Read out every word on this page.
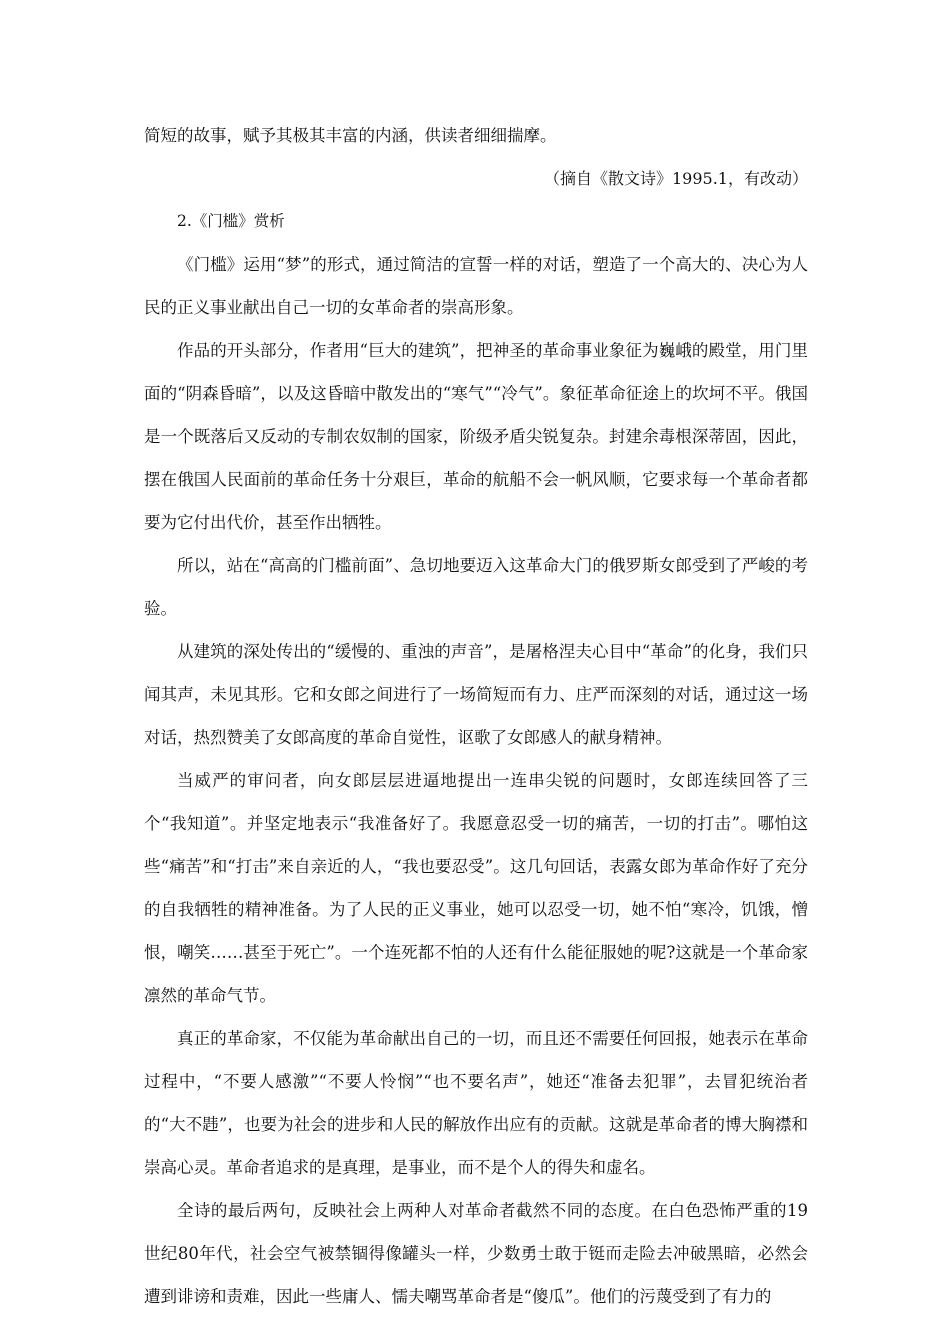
简短的故事，赋予其极其丰富的内涵，供读者细细揣摩。

（摘自《散文诗》1995.1，有改动）

2.《门槛》赏析

《门槛》运用“梦”的形式，通过简洁的宣誓一样的对话，塑造了一个高大的、决心为人民的正义事业献出自己一切的女革命者的崇高形象。

作品的开头部分，作者用“巨大的建筑”，把神圣的革命事业象征为巍峨的殿堂，用门里面的“阴森昏暗”，以及这昏暗中散发出的“寒气”“冷气”。象征革命征途上的坎坷不平。俄国是一个既落后又反动的专制农奴制的国家，阶级矛盾尖锐复杂。封建余毒根深蒂固，因此，摆在俄国人民面前的革命任务十分艰巨，革命的航船不会一帆风顺，它要求每一个革命者都要为它付出代价，甚至作出牺牲。

所以，站在“高高的门槛前面”、急切地要迈入这革命大门的俄罗斯女郎受到了严峻的考验。

从建筑的深处传出的“缓慢的、重浊的声音”，是屠格涅夫心目中“革命”的化身，我们只闻其声，未见其形。它和女郎之间进行了一场简短而有力、庄严而深刻的对话，通过这一场对话，热烈赞美了女郎高度的革命自觉性，讴歌了女郎感人的献身精神。

当威严的审问者，向女郎层层进逼地提出一连串尖锐的问题时，女郎连续回答了三个“我知道”。并坚定地表示“我准备好了。我愿意忍受一切的痛苦，一切的打击”。哪怕这些“痛苦”和“打击”来自亲近的人，“我也要忍受”。这几句回话，表露女郎为革命作好了充分的自我牺牲的精神准备。为了人民的正义事业，她可以忍受一切，她不怕“寒冷，饥饿，憎恨，嘲笑……甚至于死亡”。一个连死都不怕的人还有什么能征服她的呢?这就是一个革命家凛然的革命气节。

真正的革命家，不仅能为革命献出自己的一切，而且还不需要任何回报，她表示在革命过程中，“不要人感激”“不要人怜悯”“也不要名声”，她还“准备去犯罪”，去冒犯统治者的“大不韪”，也要为社会的进步和人民的解放作出应有的贡献。这就是革命者的博大胸襟和崇高心灵。革命者追求的是真理，是事业，而不是个人的得失和虚名。

全诗的最后两句，反映社会上两种人对革命者截然不同的态度。在白色恐怖严重的19世纪80年代，社会空气被禁锢得像罐头一样，少数勇士敢于铤而走险去冲破黑暗，必然会遭到诽谤和责难，因此一些庸人、懦夫嘲骂革命者是“傻瓜”。他们的污蔑受到了有力的
